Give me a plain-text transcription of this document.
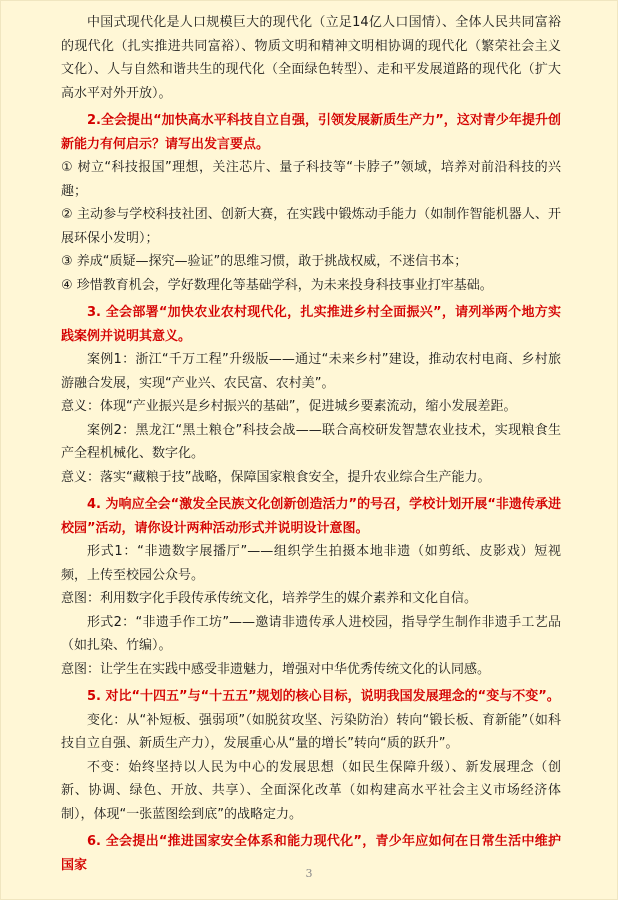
中国式现代化是人口规模巨大的现代化（立足14亿人口国情）、全体人民共同富裕的现代化（扎实推进共同富裕）、物质文明和精神文明相协调的现代化（繁荣社会主义文化）、人与自然和谐共生的现代化（全面绿色转型）、走和平发展道路的现代化（扩大高水平对外开放）。

2.全会提出“加快高水平科技自立自强，引领发展新质生产力”，这对青少年提升创新能力有何启示？请写出发言要点。

① 树立“科技报国”理想，关注芯片、量子科技等“卡脖子”领域，培养对前沿科技的兴趣；

② 主动参与学校科技社团、创新大赛，在实践中锻炼动手能力（如制作智能机器人、开展环保小发明）；

③ 养成“质疑—探究—验证”的思维习惯，敢于挑战权威，不迷信书本；

④ 珍惜教育机会，学好数理化等基础学科，为未来投身科技事业打牢基础。

3. 全会部署“加快农业农村现代化，扎实推进乡村全面振兴”，请列举两个地方实践案例并说明其意义。

案例1：浙江“千万工程”升级版——通过“未来乡村”建设，推动农村电商、乡村旅游融合发展，实现“产业兴、农民富、农村美”。

意义：体现“产业振兴是乡村振兴的基础”，促进城乡要素流动，缩小发展差距。

案例2：黑龙江“黑土粮仓”科技会战——联合高校研发智慧农业技术，实现粮食生产全程机械化、数字化。

意义：落实“藏粮于技”战略，保障国家粮食安全，提升农业综合生产能力。

4. 为响应全会“激发全民族文化创新创造活力”的号召，学校计划开展“非遗传承进校园”活动，请你设计两种活动形式并说明设计意图。

形式1：“非遗数字展播厅”——组织学生拍摄本地非遗（如剪纸、皮影戏）短视频，上传至校园公众号。

意图：利用数字化手段传承传统文化，培养学生的媒介素养和文化自信。

形式2：“非遗手作工坊”——邀请非遗传承人进校园，指导学生制作非遗手工艺品（如扎染、竹编）。

意图：让学生在实践中感受非遗魅力，增强对中华优秀传统文化的认同感。

5. 对比“十四五”与“十五五”规划的核心目标，说明我国发展理念的“变与不变”。

变化：从“补短板、强弱项”（如脱贫攻坚、污染防治）转向“锻长板、育新能”（如科技自立自强、新质生产力），发展重心从“量的增长”转向“质的跃升”。

不变：始终坚持以人民为中心的发展思想（如民生保障升级）、新发展理念（创新、协调、绿色、开放、共享）、全面深化改革（如构建高水平社会主义市场经济体制），体现“一张蓝图绘到底”的战略定力。

6. 全会提出“推进国家安全体系和能力现代化”，青少年应如何在日常生活中维护国家

3
